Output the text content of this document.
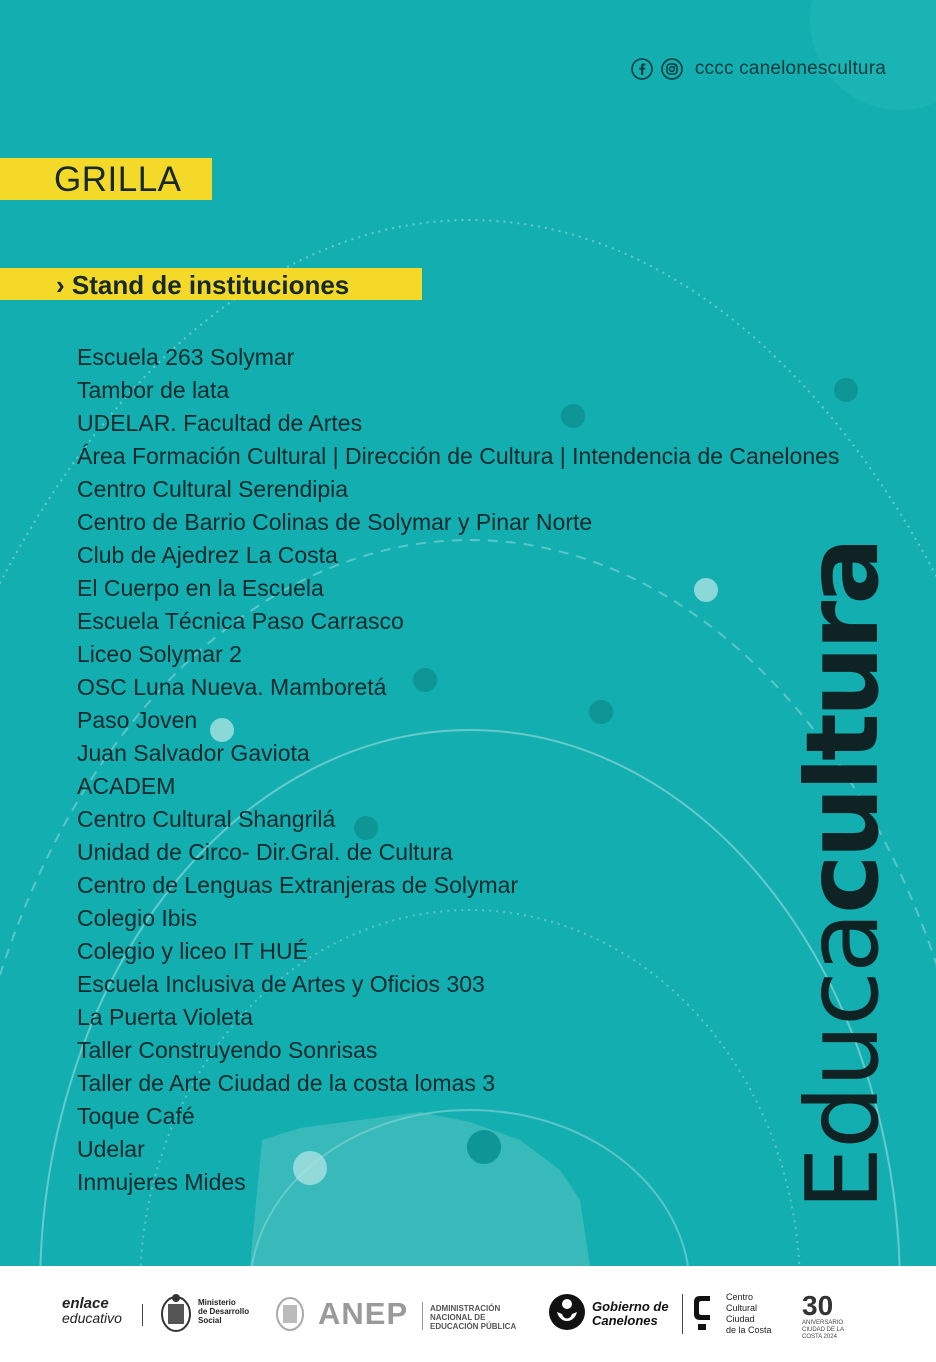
cccc canelonescultura
GRILLA
› Stand de instituciones
Escuela 263 Solymar
Tambor de lata
UDELAR. Facultad de Artes
Área Formación Cultural | Dirección de Cultura | Intendencia de Canelones
Centro Cultural Serendipia
Centro de Barrio Colinas de Solymar y Pinar Norte
Club de Ajedrez La Costa
El Cuerpo en la Escuela
Escuela Técnica Paso Carrasco
Liceo Solymar 2
OSC Luna Nueva. Mamboretá
Paso Joven
Juan Salvador Gaviota
ACADEM
Centro Cultural Shangrilá
Unidad de Circo- Dir.Gral. de Cultura
Centro de Lenguas Extranjeras de Solymar
Colegio Ibis
Colegio y liceo IT HUÉ
Escuela Inclusiva de Artes y Oficios 303
La Puerta Violeta
Taller Construyendo Sonrisas
Taller de Arte Ciudad de la costa lomas 3
Toque Café
Udelar
Inmujeres Mides	Educacultura
enlace
educativo
Ministerio
de Desarrollo
Social	ANEP	ADMINISTRACIÓN
NACIONAL DE
EDUCACIÓN PÚBLICA
Gobierno de
Canelones
Centro
Cultural
Ciudad
de la Costa
30
ANIVERSARIO CIUDAD DE LA COSTA 2024
